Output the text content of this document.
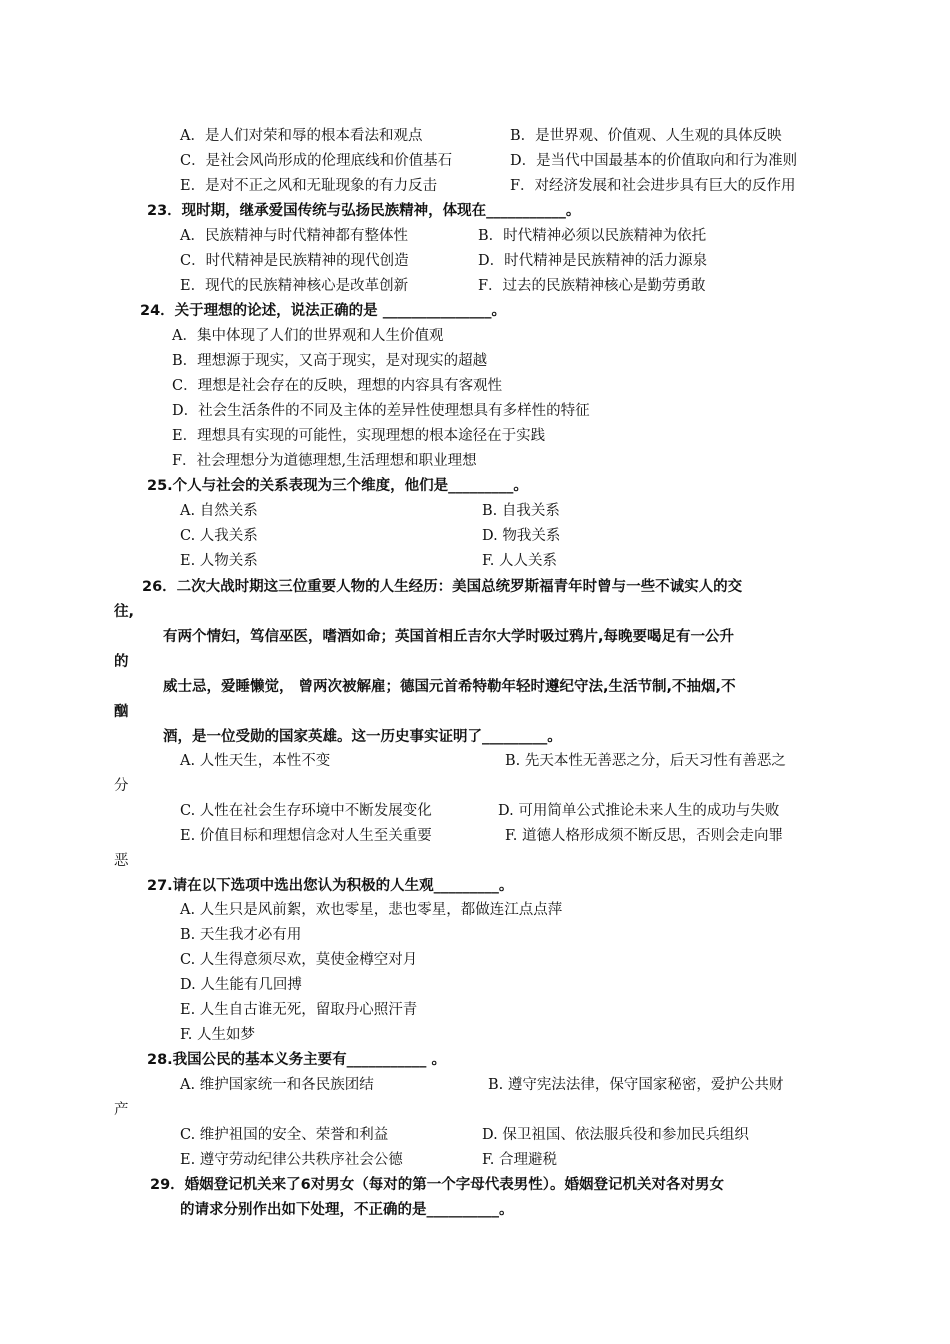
A．是人们对荣和辱的根本看法和观点	B．是世界观、价值观、人生观的具体反映
C．是社会风尚形成的伦理底线和价值基石	D．是当代中国最基本的价值取向和行为准则
E．是对不正之风和无耻现象的有力反击	F．对经济发展和社会进步具有巨大的反作用
23．现时期，继承爱国传统与弘扬民族精神，体现在___________。
A．民族精神与时代精神都有整体性	B．时代精神必须以民族精神为依托
C．时代精神是民族精神的现代创造	D．时代精神是民族精神的活力源泉
E．现代的民族精神核心是改革创新	F．过去的民族精神核心是勤劳勇敢
24．关于理想的论述，说法正确的是 _______________。
A．集中体现了人们的世界观和人生价值观
B．理想源于现实，又高于现实，是对现实的超越
C．理想是社会存在的反映，理想的内容具有客观性
D．社会生活条件的不同及主体的差异性使理想具有多样性的特征
E．理想具有实现的可能性，实现理想的根本途径在于实践
F．社会理想分为道德理想,生活理想和职业理想
25.个人与社会的关系表现为三个维度，他们是_________。
A. 自然关系	B. 自我关系
C. 人我关系	D. 物我关系
E. 人物关系	F. 人人关系
26．二次大战时期这三位重要人物的人生经历：美国总统罗斯福青年时曾与一些不诚实人的交
往,
有两个情妇，笃信巫医，嗜酒如命；英国首相丘吉尔大学时吸过鸦片,每晚要喝足有一公升
的
威士忌，爱睡懒觉， 曾两次被解雇；德国元首希特勒年轻时遵纪守法,生活节制,不抽烟,不
酗
酒，是一位受勋的国家英雄。这一历史事实证明了_________。
A. 人性天生，本性不变	B. 先天本性无善恶之分，后天习性有善恶之
分
C. 人性在社会生存环境中不断发展变化	D. 可用简单公式推论未来人生的成功与失败
E. 价值目标和理想信念对人生至关重要	F. 道德人格形成须不断反思，否则会走向罪
恶
27.请在以下选项中选出您认为积极的人生观_________。
A. 人生只是风前絮，欢也零星，悲也零星，都做连江点点萍
B. 天生我才必有用
C. 人生得意须尽欢，莫使金樽空对月
D. 人生能有几回搏
E. 人生自古谁无死，留取丹心照汗青
F. 人生如梦
28.我国公民的基本义务主要有___________ 。
A. 维护国家统一和各民族团结	B. 遵守宪法法律，保守国家秘密，爱护公共财
产
C. 维护祖国的安全、荣誉和利益	D. 保卫祖国、依法服兵役和参加民兵组织
E. 遵守劳动纪律公共秩序社会公德	F. 合理避税
29．婚姻登记机关来了6对男女（每对的第一个字母代表男性）。婚姻登记机关对各对男女
的请求分别作出如下处理，不正确的是__________。
